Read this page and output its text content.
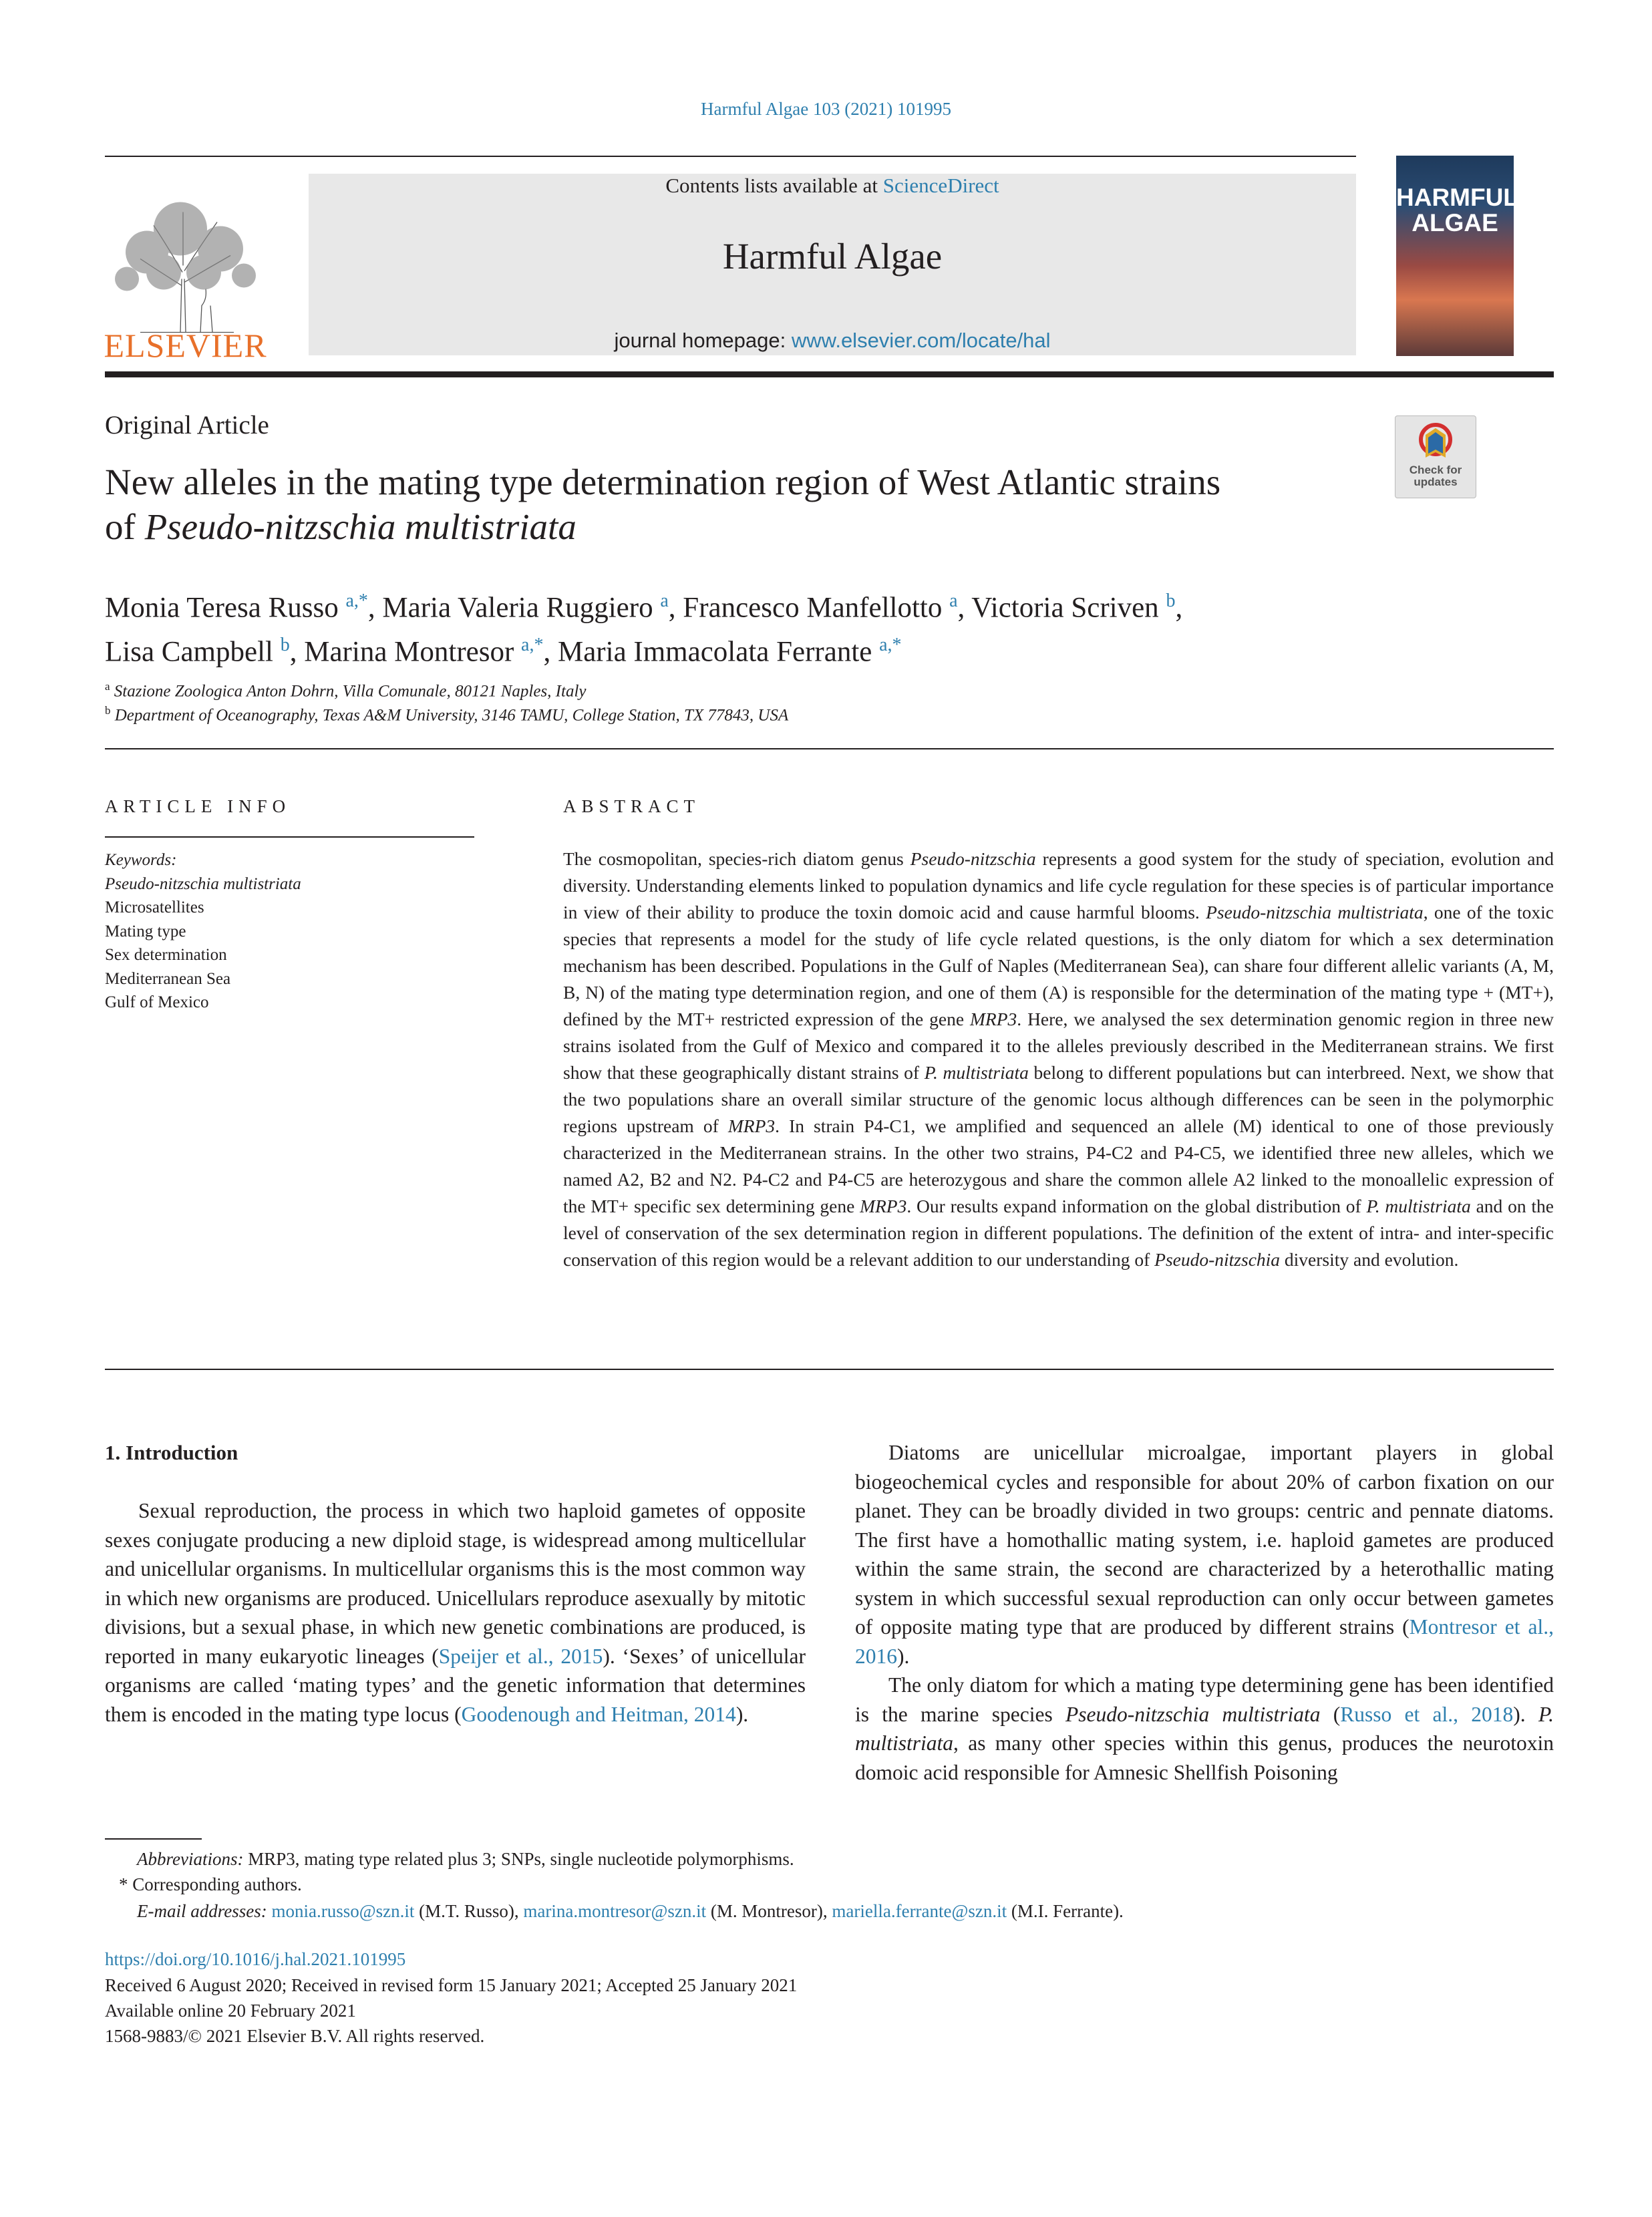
Harmful Algae 103 (2021) 101995
ELSEVIER
Contents lists available at ScienceDirect
Harmful Algae
journal homepage: www.elsevier.com/locate/hal
HARMFUL
ALGAE
Original Article
New alleles in the mating type determination region of West Atlantic strains
of Pseudo-nitzschia multistriata
Check for
updates
Monia Teresa Russo $^{a,*}$, Maria Valeria Ruggiero $^a$, Francesco Manfellotto $^a$, Victoria Scriven $^b$,
Lisa Campbell $^b$, Marina Montresor $^{a,*}$, Maria Immacolata Ferrante $^{a,*}$
$^a$ Stazione Zoologica Anton Dohrn, Villa Comunale, 80121 Naples, Italy
$^b$ Department of Oceanography, Texas A&M University, 3146 TAMU, College Station, TX 77843, USA
ARTICLE INFO	ABSTRACT
Keywords:
Pseudo-nitzschia multistriata
Microsatellites
Mating type
Sex determination
Mediterranean Sea
Gulf of Mexico
The cosmopolitan, species-rich diatom genus Pseudo-nitzschia represents a good system for the study of speciation, evolution and diversity. Understanding elements linked to population dynamics and life cycle regulation for these species is of particular importance in view of their ability to produce the toxin domoic acid and cause harmful blooms. Pseudo-nitzschia multistriata, one of the toxic species that represents a model for the study of life cycle related questions, is the only diatom for which a sex determination mechanism has been described. Populations in the Gulf of Naples (Mediterranean Sea), can share four different allelic variants (A, M, B, N) of the mating type determination region, and one of them (A) is responsible for the determination of the mating type + (MT+), defined by the MT+ restricted expression of the gene MRP3. Here, we analysed the sex determination genomic region in three new strains isolated from the Gulf of Mexico and compared it to the alleles previously described in the Mediterranean strains. We first show that these geographically distant strains of P. multistriata belong to different populations but can interbreed. Next, we show that the two populations share an overall similar structure of the genomic locus although differences can be seen in the polymorphic regions upstream of MRP3. In strain P4-C1, we amplified and sequenced an allele (M) identical to one of those previously characterized in the Mediterranean strains. In the other two strains, P4-C2 and P4-C5, we identified three new alleles, which we named A2, B2 and N2. P4-C2 and P4-C5 are heterozygous and share the common allele A2 linked to the monoallelic expression of the MT+ specific sex determining gene MRP3. Our results expand information on the global distribution of P. multistriata and on the level of conservation of the sex determination region in different populations. The definition of the extent of intra- and inter-specific conservation of this region would be a relevant addition to our understanding of Pseudo-nitzschia diversity and evolution.
1. Introduction
Sexual reproduction, the process in which two haploid gametes of opposite sexes conjugate producing a new diploid stage, is widespread among multicellular and unicellular organisms. In multicellular organisms this is the most common way in which new organisms are produced. Unicellulars reproduce asexually by mitotic divisions, but a sexual phase, in which new genetic combinations are produced, is reported in many eukaryotic lineages (Speijer et al., 2015). ‘Sexes’ of unicellular organisms are called ‘mating types’ and the genetic information that determines them is encoded in the mating type locus (Goodenough and Heitman, 2014).

Diatoms are unicellular microalgae, important players in global biogeochemical cycles and responsible for about 20% of carbon fixation on our planet. They can be broadly divided in two groups: centric and pennate diatoms. The first have a homothallic mating system, i.e. haploid gametes are produced within the same strain, the second are characterized by a heterothallic mating system in which successful sexual reproduction can only occur between gametes of opposite mating type that are produced by different strains (Montresor et al., 2016).

The only diatom for which a mating type determining gene has been identified is the marine species Pseudo-nitzschia multistriata (Russo et al., 2018). P. multistriata, as many other species within this genus, produces the neurotoxin domoic acid responsible for Amnesic Shellfish Poisoning

Abbreviations: MRP3, mating type related plus 3; SNPs, single nucleotide polymorphisms.
* Corresponding authors.
E-mail addresses: monia.russo@szn.it (M.T. Russo), marina.montresor@szn.it (M. Montresor), mariella.ferrante@szn.it (M.I. Ferrante).
https://doi.org/10.1016/j.hal.2021.101995
Received 6 August 2020; Received in revised form 15 January 2021; Accepted 25 January 2021
Available online 20 February 2021
1568-9883/© 2021 Elsevier B.V. All rights reserved.
